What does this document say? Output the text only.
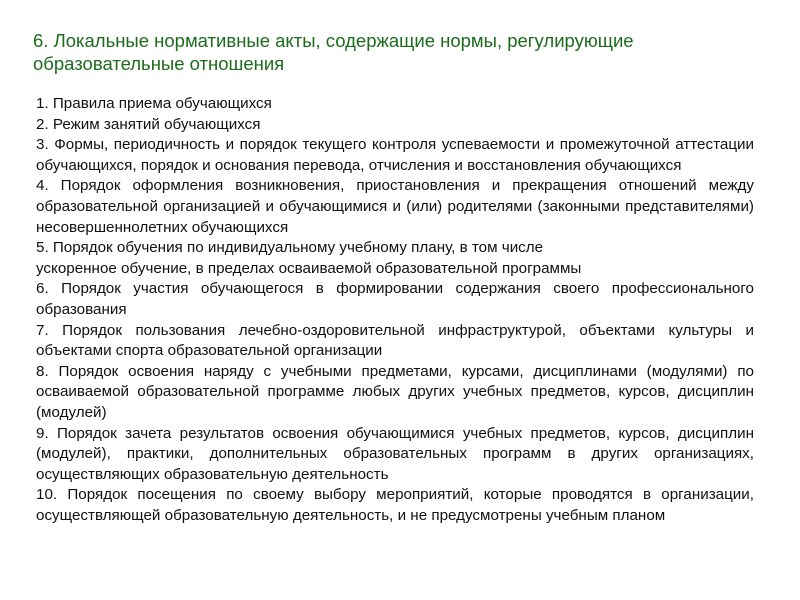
6. Локальные нормативные акты, содержащие нормы, регулирующие образовательные отношения

1. Правила приема обучающихся

2. Режим занятий обучающихся

3. Формы, периодичность и порядок текущего контроля успеваемости и промежуточной аттестации обучающихся, порядок и основания перевода, отчисления и восстановления обучающихся

4. Порядок оформления возникновения, приостановления и прекращения отношений между образовательной организацией и обучающимися и (или) родителями (законными представителями) несовершеннолетних обучающихся

5. Порядок обучения по индивидуальному учебному плану, в том числе

ускоренное обучение, в пределах осваиваемой образовательной программы

6. Порядок участия обучающегося в формировании содержания своего профессионального образования

7. Порядок пользования лечебно-оздоровительной инфраструктурой, объектами культуры и объектами спорта образовательной организации

8. Порядок освоения наряду с учебными предметами, курсами, дисциплинами (модулями) по осваиваемой образовательной программе любых других учебных предметов, курсов, дисциплин (модулей)

9. Порядок зачета результатов освоения обучающимися учебных предметов, курсов, дисциплин (модулей), практики, дополнительных образовательных программ в других организациях, осуществляющих образовательную деятельность

10. Порядок посещения по своему выбору мероприятий, которые проводятся в организации, осуществляющей образовательную деятельность, и не предусмотрены учебным планом
